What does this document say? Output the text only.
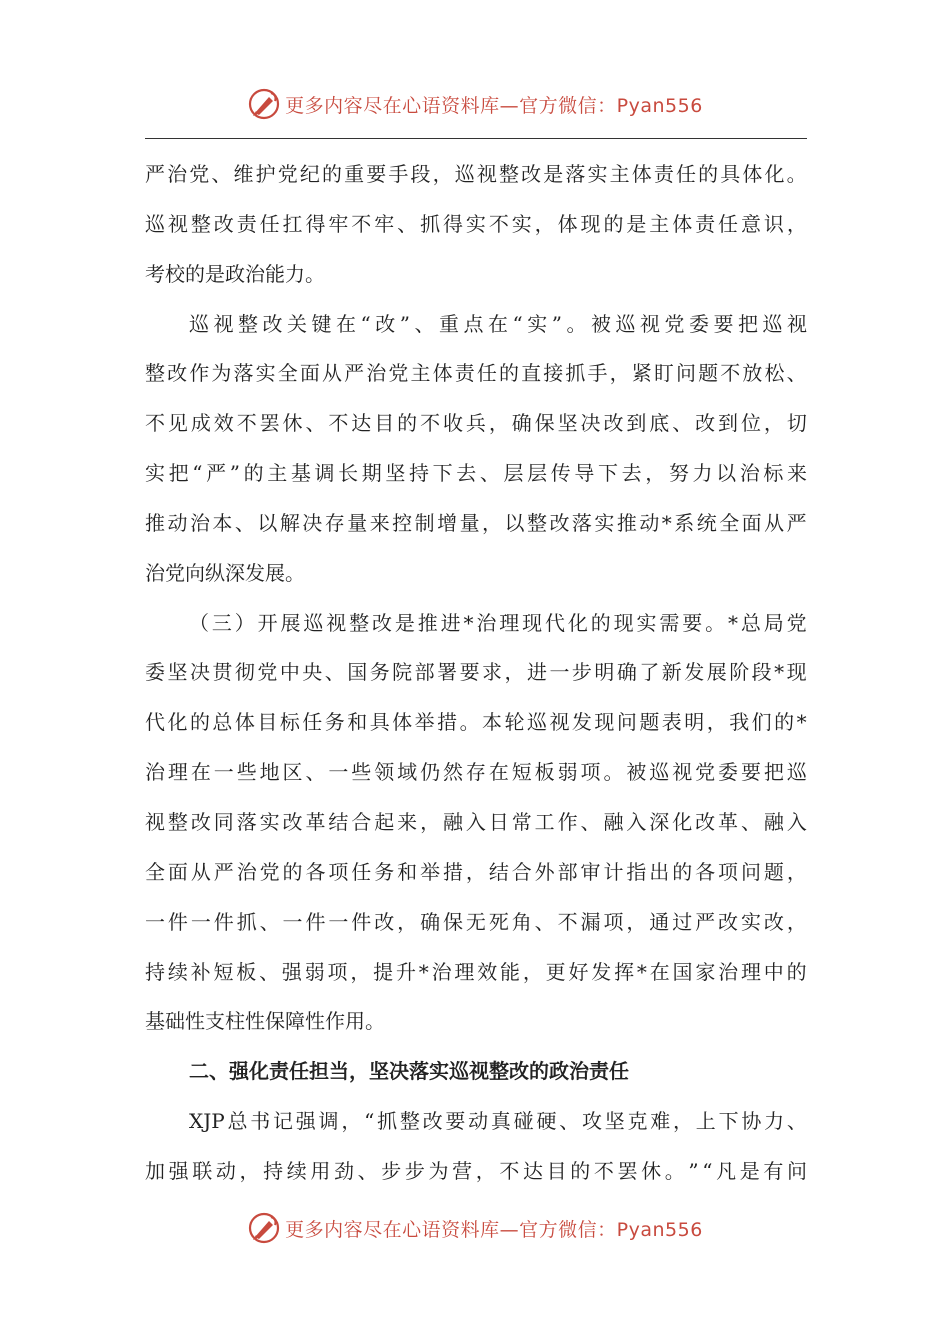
更多内容尽在心语资料库—官方微信：Pyan556
严 治 党 、 维 护 党 纪 的 重 要 手 段 ， 巡 视 整 改 是 落 实 主 体 责 任 的 具 体 化 。
巡 视 整 改 责 任 扛 得 牢 不 牢 、 抓 得 实 不 实 ， 体 现 的 是 主 体 责 任 意 识 ，
考 校 的 是 政 治 能 力 。
巡 视 整 改 关 键 在 “ 改 ” 、 重 点 在 “ 实 ” 。 被 巡 视 党 委 要 把 巡 视
整 改 作 为 落 实 全 面 从 严 治 党 主 体 责 任 的 直 接 抓 手 ， 紧 盯 问 题 不 放 松 、
不 见 成 效 不 罢 休 、 不 达 目 的 不 收 兵 ， 确 保 坚 决 改 到 底 、 改 到 位 ， 切
实 把 “ 严 ” 的 主 基 调 长 期 坚 持 下 去 、 层 层 传 导 下 去 ， 努 力 以 治 标 来
推 动 治 本 、 以 解 决 存 量 来 控 制 增 量 ， 以 整 改 落 实 推 动 * 系 统 全 面 从 严
治 党 向 纵 深 发 展 。
（ 三 ） 开 展 巡 视 整 改 是 推 进 * 治 理 现 代 化 的 现 实 需 要 。 * 总 局 党
委 坚 决 贯 彻 党 中 央 、 国 务 院 部 署 要 求 ， 进 一 步 明 确 了 新 发 展 阶 段 * 现
代 化 的 总 体 目 标 任 务 和 具 体 举 措 。 本 轮 巡 视 发 现 问 题 表 明 ， 我 们 的 *
治 理 在 一 些 地 区 、 一 些 领 域 仍 然 存 在 短 板 弱 项 。 被 巡 视 党 委 要 把 巡
视 整 改 同 落 实 改 革 结 合 起 来 ， 融 入 日 常 工 作 、 融 入 深 化 改 革 、 融 入
全 面 从 严 治 党 的 各 项 任 务 和 举 措 ， 结 合 外 部 审 计 指 出 的 各 项 问 题 ，
一 件 一 件 抓 、 一 件 一 件 改 ， 确 保 无 死 角 、 不 漏 项 ， 通 过 严 改 实 改 ，
持 续 补 短 板 、 强 弱 项 ， 提 升 * 治 理 效 能 ， 更 好 发 挥 * 在 国 家 治 理 中 的
基 础 性 支 柱 性 保 障 性 作 用 。
二 、 强 化 责 任 担 当 ， 坚 决 落 实 巡 视 整 改 的 政 治 责 任
XJP 总 书 记 强 调 ， “ 抓 整 改 要 动 真 碰 硬 、 攻 坚 克 难 ， 上 下 协 力 、
加 强 联 动 ， 持 续 用 劲 、 步 步 为 营 ， 不 达 目 的 不 罢 休 。 ” “ 凡 是 有 问
更多内容尽在心语资料库—官方微信：Pyan556
